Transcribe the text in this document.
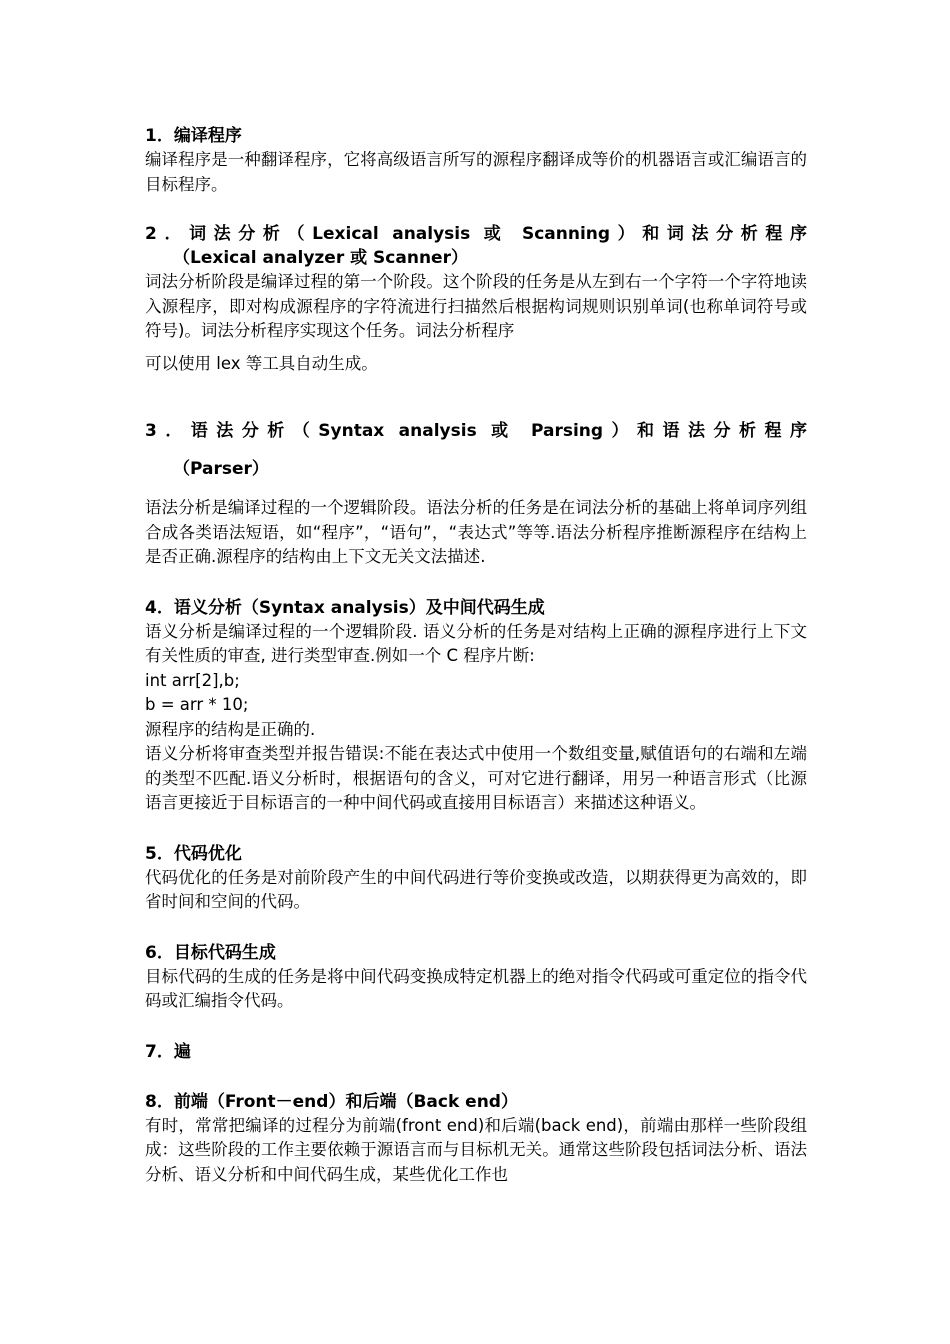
1．编译程序

编译程序是一种翻译程序，它将高级语言所写的源程序翻译成等价的机器语言或汇编语言的目标程序。

2．词法分析（Lexical analysis 或 Scanning）和词法分析程序
（Lexical analyzer 或 Scanner）

词法分析阶段是编译过程的第一个阶段。这个阶段的任务是从左到右一个字符一个字符地读入源程序，即对构成源程序的字符流进行扫描然后根据构词规则识别单词(也称单词符号或符号)。词法分析程序实现这个任务。词法分析程序

可以使用 lex 等工具自动生成。

3．语法分析（Syntax analysis 或 Parsing）和语法分析程序
（Parser）

语法分析是编译过程的一个逻辑阶段。语法分析的任务是在词法分析的基础上将单词序列组合成各类语法短语，如“程序”，“语句”，“表达式”等等.语法分析程序推断源程序在结构上是否正确.源程序的结构由上下文无关文法描述.

4．语义分析（Syntax analysis）及中间代码生成

语义分析是编译过程的一个逻辑阶段. 语义分析的任务是对结构上正确的源程序进行上下文有关性质的审查, 进行类型审查.例如一个 C 程序片断:

int arr[2],b;

b = arr * 10;

源程序的结构是正确的.

语义分析将审查类型并报告错误:不能在表达式中使用一个数组变量,赋值语句的右端和左端的类型不匹配.语义分析时，根据语句的含义，可对它进行翻译，用另一种语言形式（比源语言更接近于目标语言的一种中间代码或直接用目标语言）来描述这种语义。

5．代码优化

代码优化的任务是对前阶段产生的中间代码进行等价变换或改造，以期获得更为高效的，即省时间和空间的代码。

6．目标代码生成

目标代码的生成的任务是将中间代码变换成特定机器上的绝对指令代码或可重定位的指令代码或汇编指令代码。

7．遍
8．前端（Front－end）和后端（Back end）

有时，常常把编译的过程分为前端(front end)和后端(back end)，前端由那样一些阶段组成：这些阶段的工作主要依赖于源语言而与目标机无关。通常这些阶段包括词法分析、语法分析、语义分析和中间代码生成，某些优化工作也
